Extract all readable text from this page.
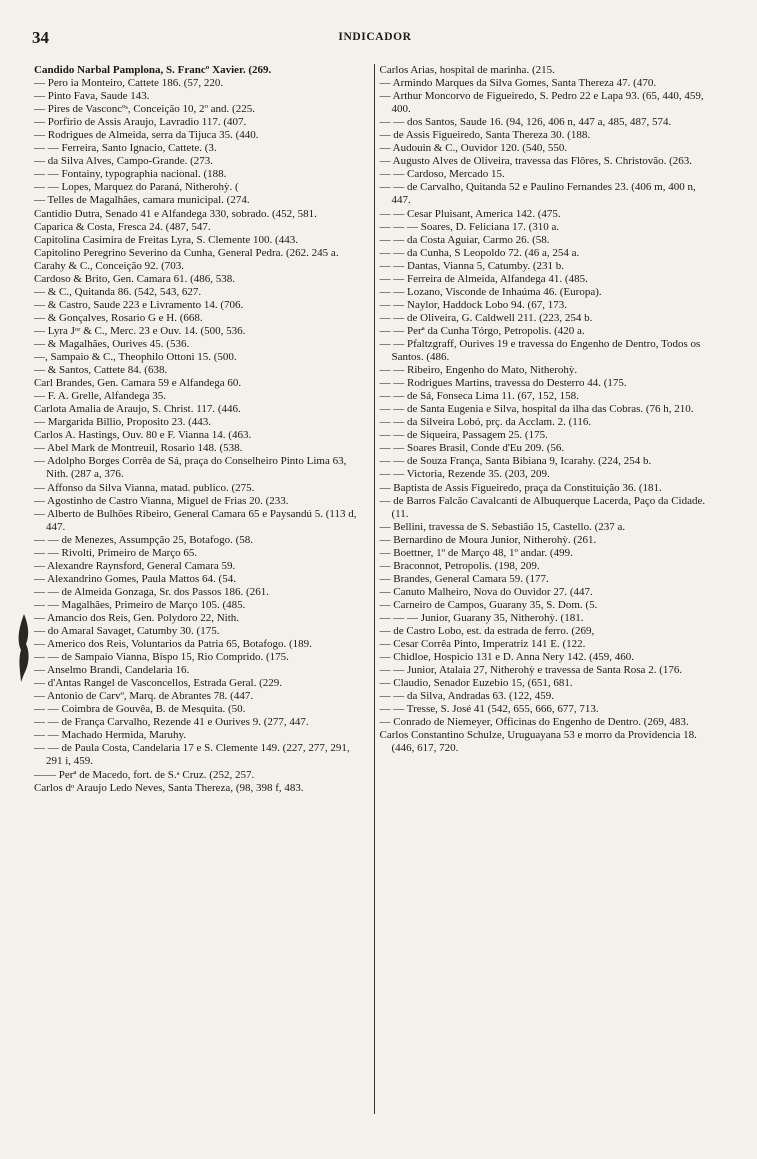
34	INDICADOR
Candido Narbal Pamplona, S. Francº Xavier. (269.
— Pero ia Monteiro, Cattete 186. (57, 220.
— Pinto Fava, Saude 143.
— Pires de Vasconcºˢ, Conceição 10, 2º and. (225.
— Porfirio de Assis Araujo, Lavradio 117. (407.
— Rodrigues de Almeida, serra da Tijuca 35. (440.
— — Ferreira, Santo Ignacio, Cattete. (3.
— da Silva Alves, Campo-Grande. (273.
— — Fontainy, typographia nacional. (188.
— — Lopes, Marquez do Paraná, Nitherohỳ. (
— Telles de Magalhães, camara municipal. (274.
Cantidio Dutra, Senado 41 e Alfandega 330, sobrado. (452, 581.
Caparica & Costa, Fresca 24. (487, 547.
Capitolina Casimira de Freitas Lyra, S. Clemente 100. (443.
Capitolino Peregrino Severino da Cunha, General Pedra. (262. 245 a.
Carahy & C., Conceição 92. (703.
Cardoso & Brito, Gen. Camara 61. (486, 538.
— & C., Quitanda 86. (542, 543, 627.
— & Castro, Saude 223 e Livramento 14. (706.
— & Gonçalves, Rosario G e H. (668.
— Lyra Jᵒʳ & C., Merc. 23 e Ouv. 14. (500, 536.
— & Magalhães, Ourives 45. (536.
—, Sampaio & C., Theophilo Ottoni 15. (500.
— & Santos, Cattete 84. (638.
Carl Brandes, Gen. Camara 59 e Alfandega 60.
— F. A. Grelle, Alfandega 35.
Carlota Amalia de Araujo, S. Christ. 117. (446.
— Margarida Billio, Proposito 23. (443.
Carlos A. Hastings, Ouv. 80 e F. Vianna 14. (463.
— Abel Mark de Montreuil, Rosario 148. (538.
— Adolpho Borges Corrêa de Sá, praça do Conselheiro Pinto Lima 63, Nith. (287 a, 376.
— Affonso da Silva Vianna, matad. publico. (275.
— Agostinho de Castro Vianna, Miguel de Frias 20. (233.
— Alberto de Bulhões Ribeiro, General Camara 65 e Paysandú 5. (113 d, 447.
— — de Menezes, Assumpção 25, Botafogo. (58.
— — Rivolti, Primeiro de Março 65.
— Alexandre Raynsford, General Camara 59.
— Alexandrino Gomes, Paula Mattos 64. (54.
— — de Almeida Gonzaga, Sr. dos Passos 186. (261.
— — Magalhães, Primeiro de Março 105. (485.
— Amancio dos Reis, Gen. Polydoro 22, Nith.
— do Amaral Savaget, Catumby 30. (175.
— Americo dos Reis, Voluntarios da Patria 65, Botafogo. (189.
— — de Sampaio Vianna, Bispo 15, Rio Comprido. (175.
— Anselmo Brandi, Candelaria 16.
— d'Antas Rangel de Vasconcellos, Estrada Geral. (229.
— Antonio de Carvº, Marq. de Abrantes 78. (447.
— — Coimbra de Gouvêa, B. de Mesquita. (50.
— — de França Carvalho, Rezende 41 e Ourives 9. (277, 447.
— — Machado Hermida, Maruhy.
— — de Paula Costa, Candelaria 17 e S. Clemente 149. (227, 277, 291, 291 i, 459.
—— Perª de Macedo, fort. de S.ᵃ Cruz. (252, 257.
Carlos dᵒ Araujo Ledo Neves, Santa Thereza, (98, 398 f, 483.
Carlos Arias, hospital de marinha. (215.
— Armindo Marques da Silva Gomes, Santa Thereza 47. (470.
— Arthur Moncorvo de Figueiredo, S. Pedro 22 e Lapa 93. (65, 440, 459, 400.
— — dos Santos, Saude 16. (94, 126, 406 n, 447 a, 485, 487, 574.
— de Assis Figueiredo, Santa Thereza 30. (188.
— Audouin & C., Ouvidor 120. (540, 550.
— Augusto Alves de Oliveira, travessa das Flôres, S. Christovão. (263.
— — Cardoso, Mercado 15.
— — de Carvalho, Quitanda 52 e Paulino Fernandes 23. (406 m, 400 n, 447.
— — Cesar Pluisant, America 142. (475.
— — — Soares, D. Feliciana 17. (310 a.
— — da Costa Aguiar, Carmo 26. (58.
— — da Cunha, S Leopoldo 72. (46 a, 254 a.
— — Dantas, Vianna 5, Catumby. (231 b.
— — Ferreira de Almeida, Alfandega 41. (485.
— — Lozano, Visconde de Inhaúma 46. (Europa).
— — Naylor, Haddock Lobo 94. (67, 173.
— — de Oliveira, G. Caldwell 211. (223, 254 b.
— — Perª da Cunha Tórgo, Petropolis. (420 a.
— — Pfaltzgraff, Ourives 19 e travessa do Engenho de Dentro, Todos os Santos. (486.
— — Ribeiro, Engenho do Mato, Nitherohỳ.
— — Rodrigues Martins, travessa do Desterro 44. (175.
— — de Sá, Fonseca Lima 11. (67, 152, 158.
— — de Santa Eugenia e Silva, hospital da ilha das Cobras. (76 h, 210.
— — da Silveira Lobó, prç. da Acclam. 2. (116.
— — de Siqueira, Passagem 25. (175.
— — Soares Brasil, Conde d'Eu 209. (56.
— — de Souza França, Santa Bibiana 9, Icarahy. (224, 254 b.
— — Victoria, Rezende 35. (203, 209.
— Baptista de Assis Figueiredo, praça da Constituição 36. (181.
— de Barros Falcão Cavalcanti de Albuquerque Lacerda, Paço da Cidade. (11.
— Bellini, travessa de S. Sebastião 15, Castello. (237 a.
— Bernardino de Moura Junior, Nitherohỳ. (261.
— Boettner, 1º de Março 48, 1º andar. (499.
— Braconnot, Petropolis. (198, 209.
— Brandes, General Camara 59. (177.
— Canuto Malheiro, Nova do Ouvidor 27. (447.
— Carneiro de Campos, Guarany 35, S. Dom. (5.
— — — Junior, Guarany 35, Nitherohỳ. (181.
— de Castro Lobo, est. da estrada de ferro. (269,
— Cesar Corrêa Pinto, Imperatriz 141 E. (122.
— Chidloe, Hospicio 131 e D. Anna Nery 142. (459, 460.
— — Junior, Atalaia 27, Nitherohỳ e travessa de Santa Rosa 2. (176.
— Claudio, Senador Euzebio 15, (651, 681.
— — da Silva, Andradas 63. (122, 459.
— — Tresse, S. José 41 (542, 655, 666, 677, 713.
— Conrado de Niemeyer, Officinas do Engenho de Dentro. (269, 483.
Carlos Constantino Schulze, Uruguayana 53 e morro da Providencia 18. (446, 617, 720.
